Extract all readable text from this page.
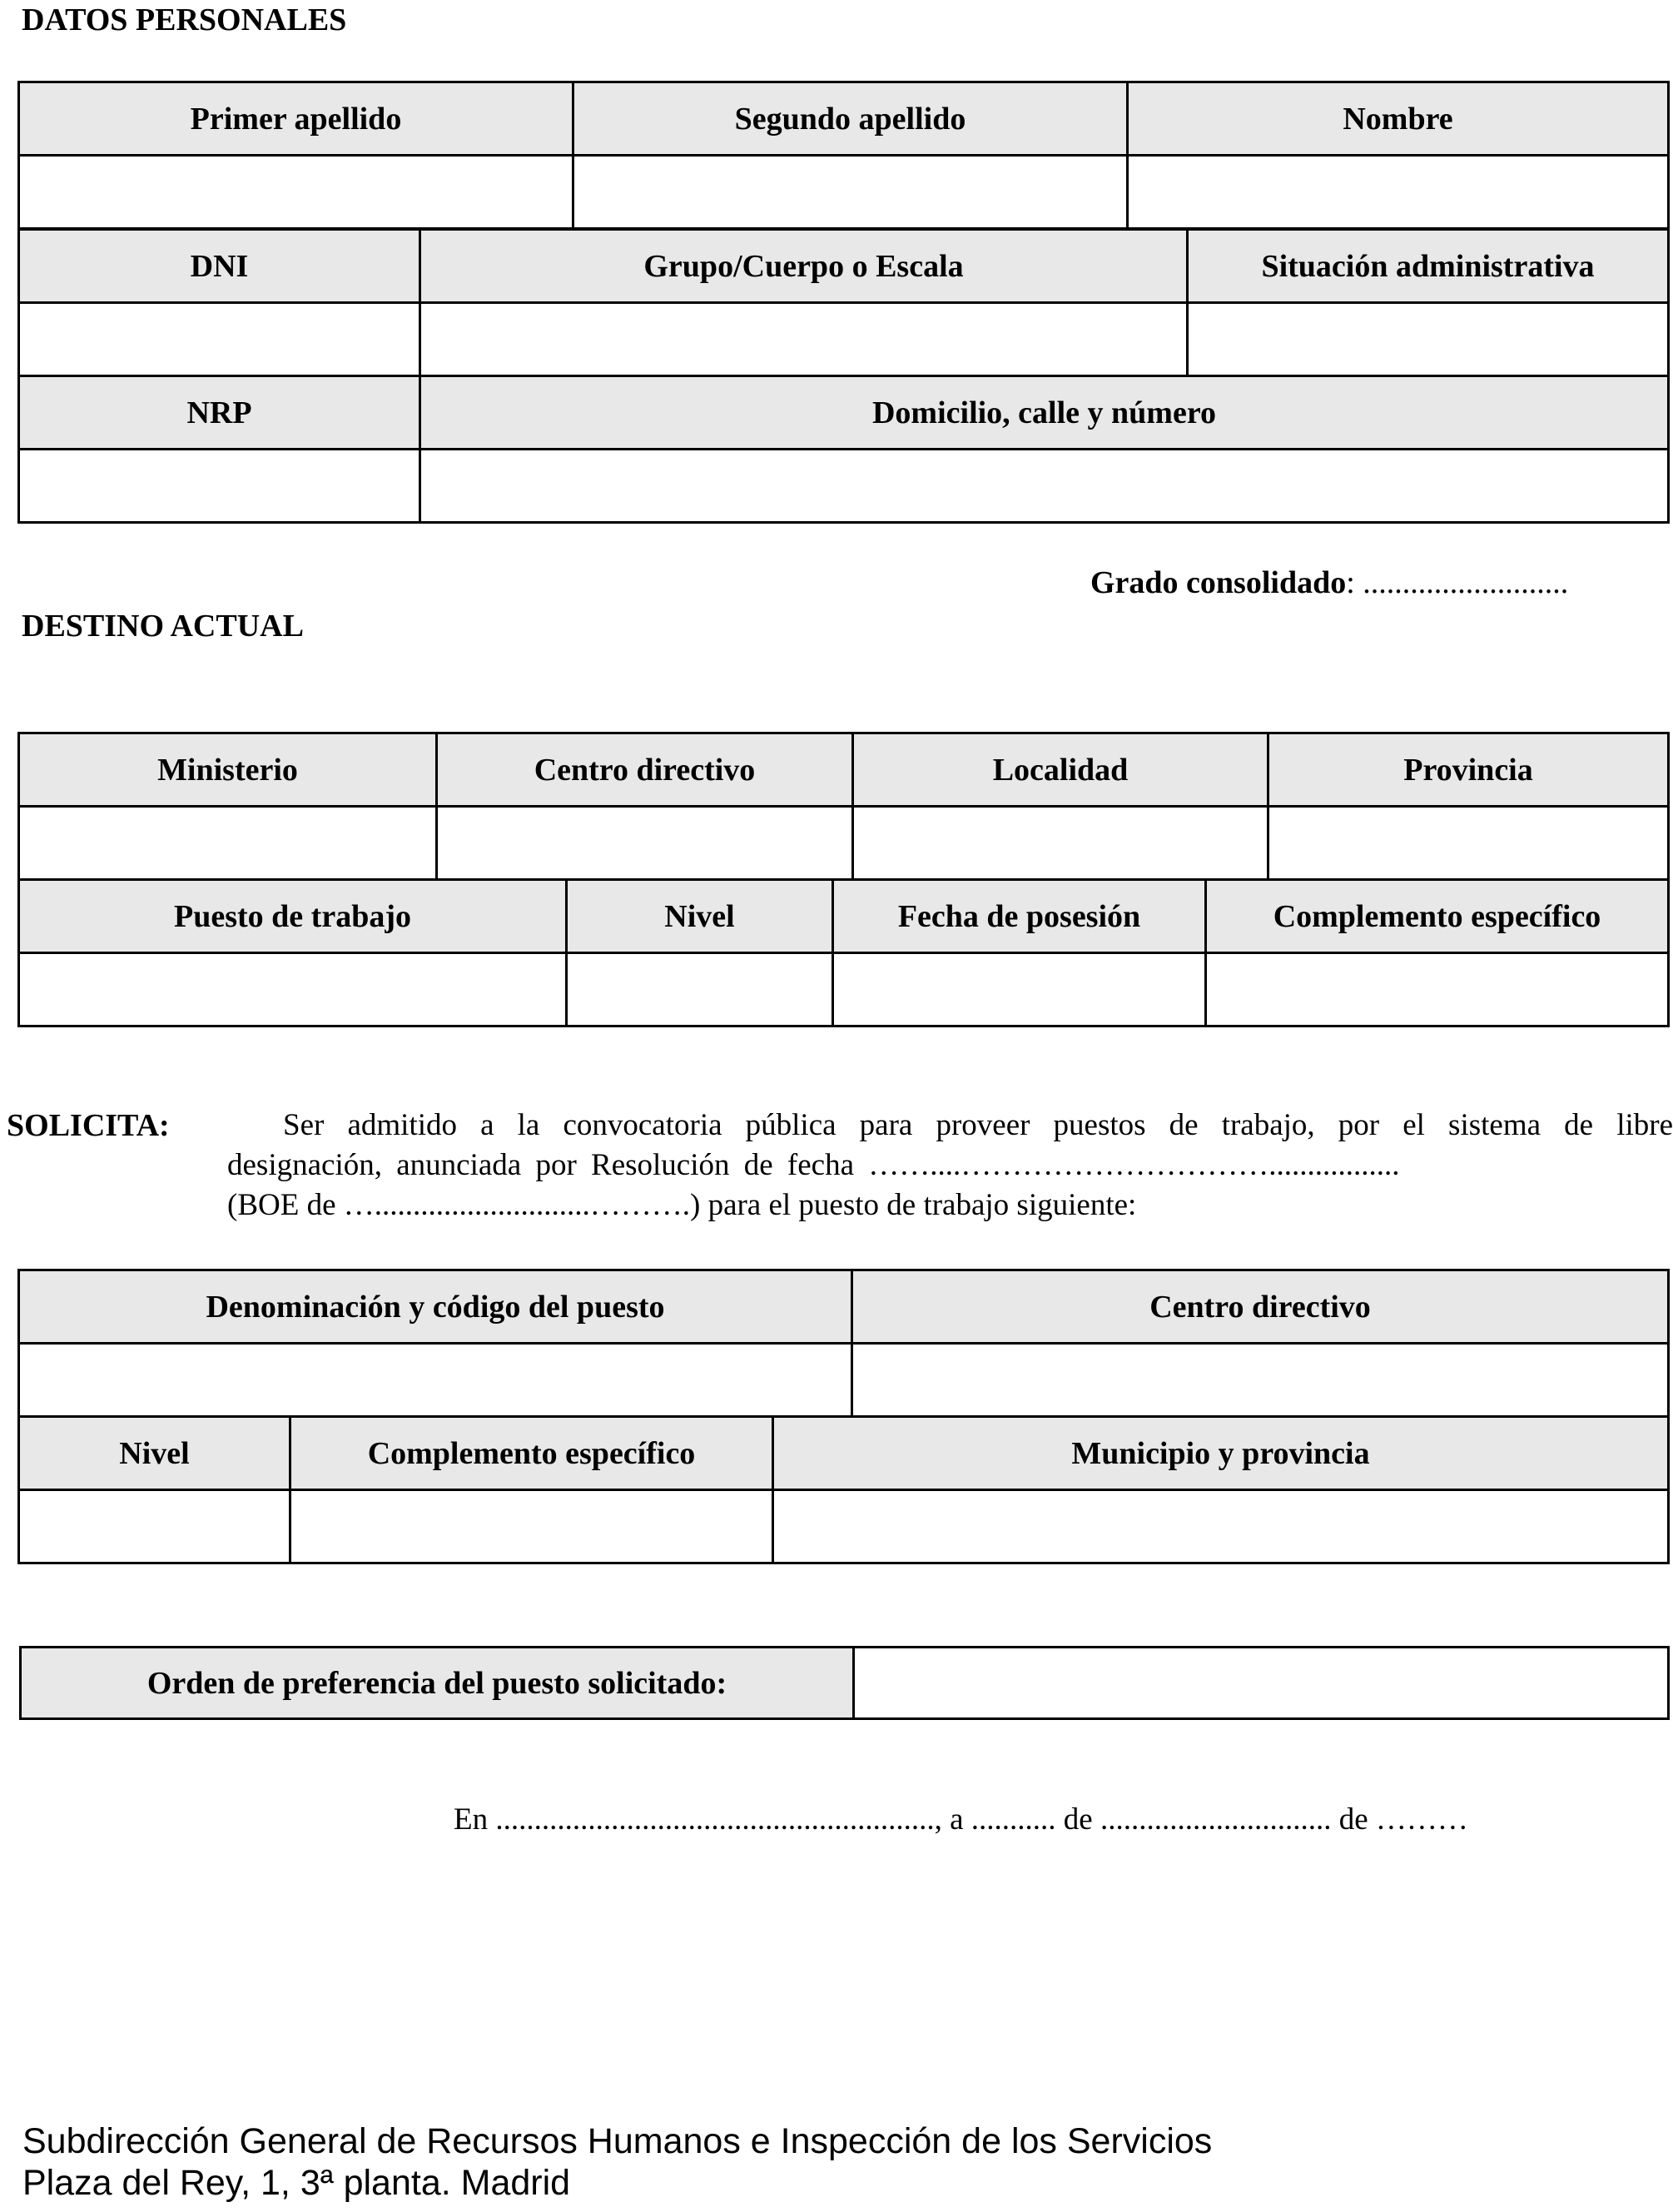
DATOS PERSONALES
Primer apellido	Segundo apellido	Nombre

DNI	Grupo/Cuerpo o Escala	Situación administrativa

NRP	Domicilio, calle y número

Grado consolidado: ..........................
DESTINO ACTUAL
Ministerio	Centro directivo	Localidad	Provincia

Puesto de trabajo	Nivel	Fecha de posesión	Complemento específico

SOLICITA:	Ser admitido a la convocatoria pública para proveer puestos de trabajo, por el sistema de libre
designación, anunciada por Resolución de fecha ……....………………………….................
(BOE de …............................……….) para el puesto de trabajo siguiente:
Denominación y código del puesto	Centro directivo

Nivel	Complemento específico	Municipio y provincia

Orden de preferencia del puesto solicitado:	
En ........................................................., a ........... de .............................. de ………
Subdirección General de Recursos Humanos e Inspección de los Servicios
Plaza del Rey, 1, 3ª planta. Madrid
